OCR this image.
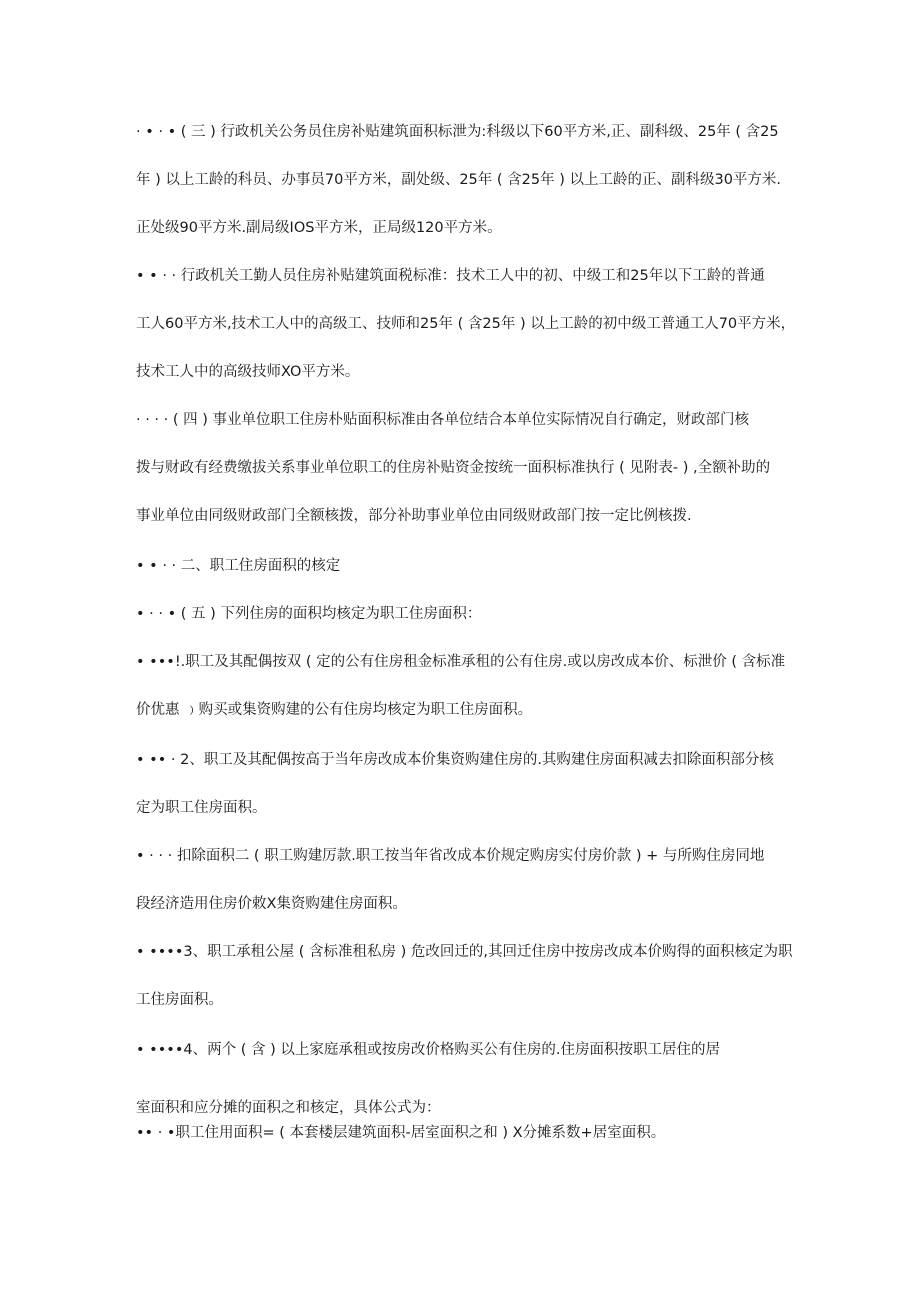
· • · • ( 三 ) 行政机关公务员住房补贴建筑面积标泄为:科级以下60平方米,正、副科级、25年 ( 含25
年 ) 以上工龄的科员、办事员70平方米，副处级、25年 ( 含25年 ) 以上工龄的正、副科级30平方米.
正处级90平方米.副局级IOS平方米，正局级120平方米。
• • · · 行政机关工勤人员住房补贴建筑面税标准：技术工人中的初、中级工和25年以下工龄的普通
工人60平方米,技术工人中的高级工、技师和25年 ( 含25年 ) 以上工龄的初中级工普通工人70平方米，
技术工人中的高级技师XO平方米。
· · · · ( 四 ) 事业单位职工住房朴贴面积标准由各单位结合本单位实际情况自行确定，财政部门核
拨与财政有经费缴拔关系事业单位职工的住房补贴资金按统一面积标准执行 ( 见附表- ) ,全额补助的
事业单位由同级财政部门全额核拨，部分补助事业单位由同级财政部门按一定比例核拨.
• • · · 二、职工住房面积的核定
• · · • ( 五 ) 下列住房的面积均核定为职工住房面积：
• •••!.职工及其配偶按双 ( 定的公有住房租金标准承租的公有住房.或以房改成本价、标泄价 ( 含标准
价优惠 ﹚购买或集资购建的公有住房均核定为职工住房面积。
• •• · 2、职工及其配偶按高于当年房改成本价集资购建住房的.其购建住房面积减去扣除面积部分核
定为职工住房面积。
• · · · 扣除面积二 ( 职工购建厉款.职工按当年省改成本价规定购房实付房价款 ) + 与所购住房同地
段经济造用住房价敕X集资购建住房面积。
• ••••3、职工承租公屋 ( 含标准租私房 ) 危改回迁的,其回迁住房中按房改成本价购得的面积核定为职
工住房面积。
• ••••4、两个 ( 含 ) 以上家庭承租或按房改价格购买公有住房的.住房面积按职工居住的居
室面积和应分摊的面积之和核定，具体公式为：
•• · •职工住用面积= ( 本套楼层建筑面积-居室面积之和 ) X分摊系数+居室面积。
